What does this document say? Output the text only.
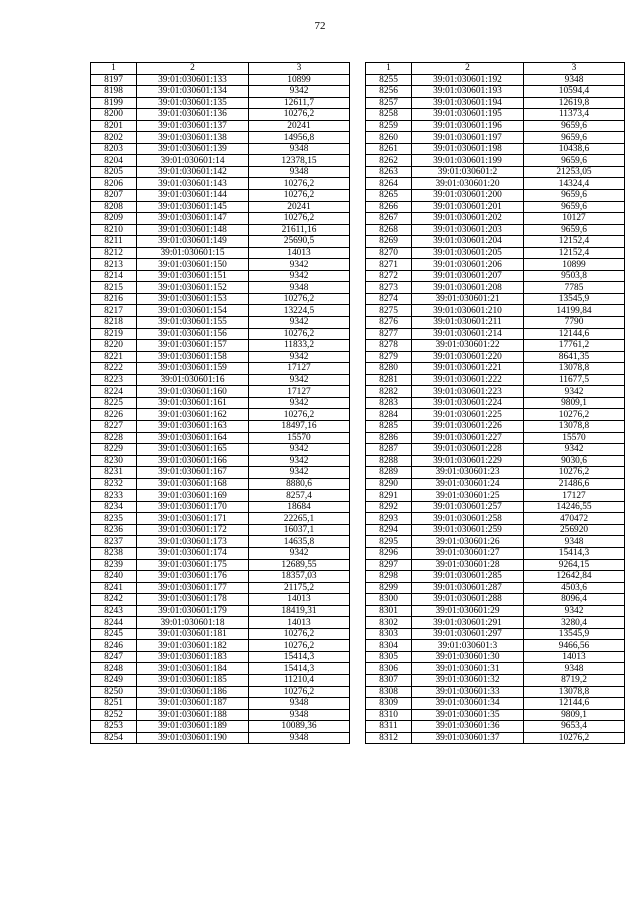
72
1	2	3
8197	39:01:030601:133	10899
8198	39:01:030601:134	9342
8199	39:01:030601:135	12611,7
8200	39:01:030601:136	10276,2
8201	39:01:030601:137	20241
8202	39:01:030601:138	14956,8
8203	39:01:030601:139	9348
8204	39:01:030601:14	12378,15
8205	39:01:030601:142	9348
8206	39:01:030601:143	10276,2
8207	39:01:030601:144	10276,2
8208	39:01:030601:145	20241
8209	39:01:030601:147	10276,2
8210	39:01:030601:148	21611,16
8211	39:01:030601:149	25690,5
8212	39:01:030601:15	14013
8213	39:01:030601:150	9342
8214	39:01:030601:151	9342
8215	39:01:030601:152	9348
8216	39:01:030601:153	10276,2
8217	39:01:030601:154	13224,5
8218	39:01:030601:155	9342
8219	39:01:030601:156	10276,2
8220	39:01:030601:157	11833,2
8221	39:01:030601:158	9342
8222	39:01:030601:159	17127
8223	39:01:030601:16	9342
8224	39:01:030601:160	17127
8225	39:01:030601:161	9342
8226	39:01:030601:162	10276,2
8227	39:01:030601:163	18497,16
8228	39:01:030601:164	15570
8229	39:01:030601:165	9342
8230	39:01:030601:166	9342
8231	39:01:030601:167	9342
8232	39:01:030601:168	8880,6
8233	39:01:030601:169	8257,4
8234	39:01:030601:170	18684
8235	39:01:030601:171	22265,1
8236	39:01:030601:172	16037,1
8237	39:01:030601:173	14635,8
8238	39:01:030601:174	9342
8239	39:01:030601:175	12689,55
8240	39:01:030601:176	18357,03
8241	39:01:030601:177	21175,2
8242	39:01:030601:178	14013
8243	39:01:030601:179	18419,31
8244	39:01:030601:18	14013
8245	39:01:030601:181	10276,2
8246	39:01:030601:182	10276,2
8247	39:01:030601:183	15414,3
8248	39:01:030601:184	15414,3
8249	39:01:030601:185	11210,4
8250	39:01:030601:186	10276,2
8251	39:01:030601:187	9348
8252	39:01:030601:188	9348
8253	39:01:030601:189	10089,36
8254	39:01:030601:190	9348
1	2	3
8255	39:01:030601:192	9348
8256	39:01:030601:193	10594,4
8257	39:01:030601:194	12619,8
8258	39:01:030601:195	11373,4
8259	39:01:030601:196	9659,6
8260	39:01:030601:197	9659,6
8261	39:01:030601:198	10438,6
8262	39:01:030601:199	9659,6
8263	39:01:030601:2	21253,05
8264	39:01:030601:20	14324,4
8265	39:01:030601:200	9659,6
8266	39:01:030601:201	9659,6
8267	39:01:030601:202	10127
8268	39:01:030601:203	9659,6
8269	39:01:030601:204	12152,4
8270	39:01:030601:205	12152,4
8271	39:01:030601:206	10899
8272	39:01:030601:207	9503,8
8273	39:01:030601:208	7785
8274	39:01:030601:21	13545,9
8275	39:01:030601:210	14199,84
8276	39:01:030601:211	7790
8277	39:01:030601:214	12144,6
8278	39:01:030601:22	17761,2
8279	39:01:030601:220	8641,35
8280	39:01:030601:221	13078,8
8281	39:01:030601:222	11677,5
8282	39:01:030601:223	9342
8283	39:01:030601:224	9809,1
8284	39:01:030601:225	10276,2
8285	39:01:030601:226	13078,8
8286	39:01:030601:227	15570
8287	39:01:030601:228	9342
8288	39:01:030601:229	9030,6
8289	39:01:030601:23	10276,2
8290	39:01:030601:24	21486,6
8291	39:01:030601:25	17127
8292	39:01:030601:257	14246,55
8293	39:01:030601:258	470472
8294	39:01:030601:259	256920
8295	39:01:030601:26	9348
8296	39:01:030601:27	15414,3
8297	39:01:030601:28	9264,15
8298	39:01:030601:285	12642,84
8299	39:01:030601:287	4503,6
8300	39:01:030601:288	8096,4
8301	39:01:030601:29	9342
8302	39:01:030601:291	3280,4
8303	39:01:030601:297	13545,9
8304	39:01:030601:3	9466,56
8305	39:01:030601:30	14013
8306	39:01:030601:31	9348
8307	39:01:030601:32	8719,2
8308	39:01:030601:33	13078,8
8309	39:01:030601:34	12144,6
8310	39:01:030601:35	9809,1
8311	39:01:030601:36	9653,4
8312	39:01:030601:37	10276,2
